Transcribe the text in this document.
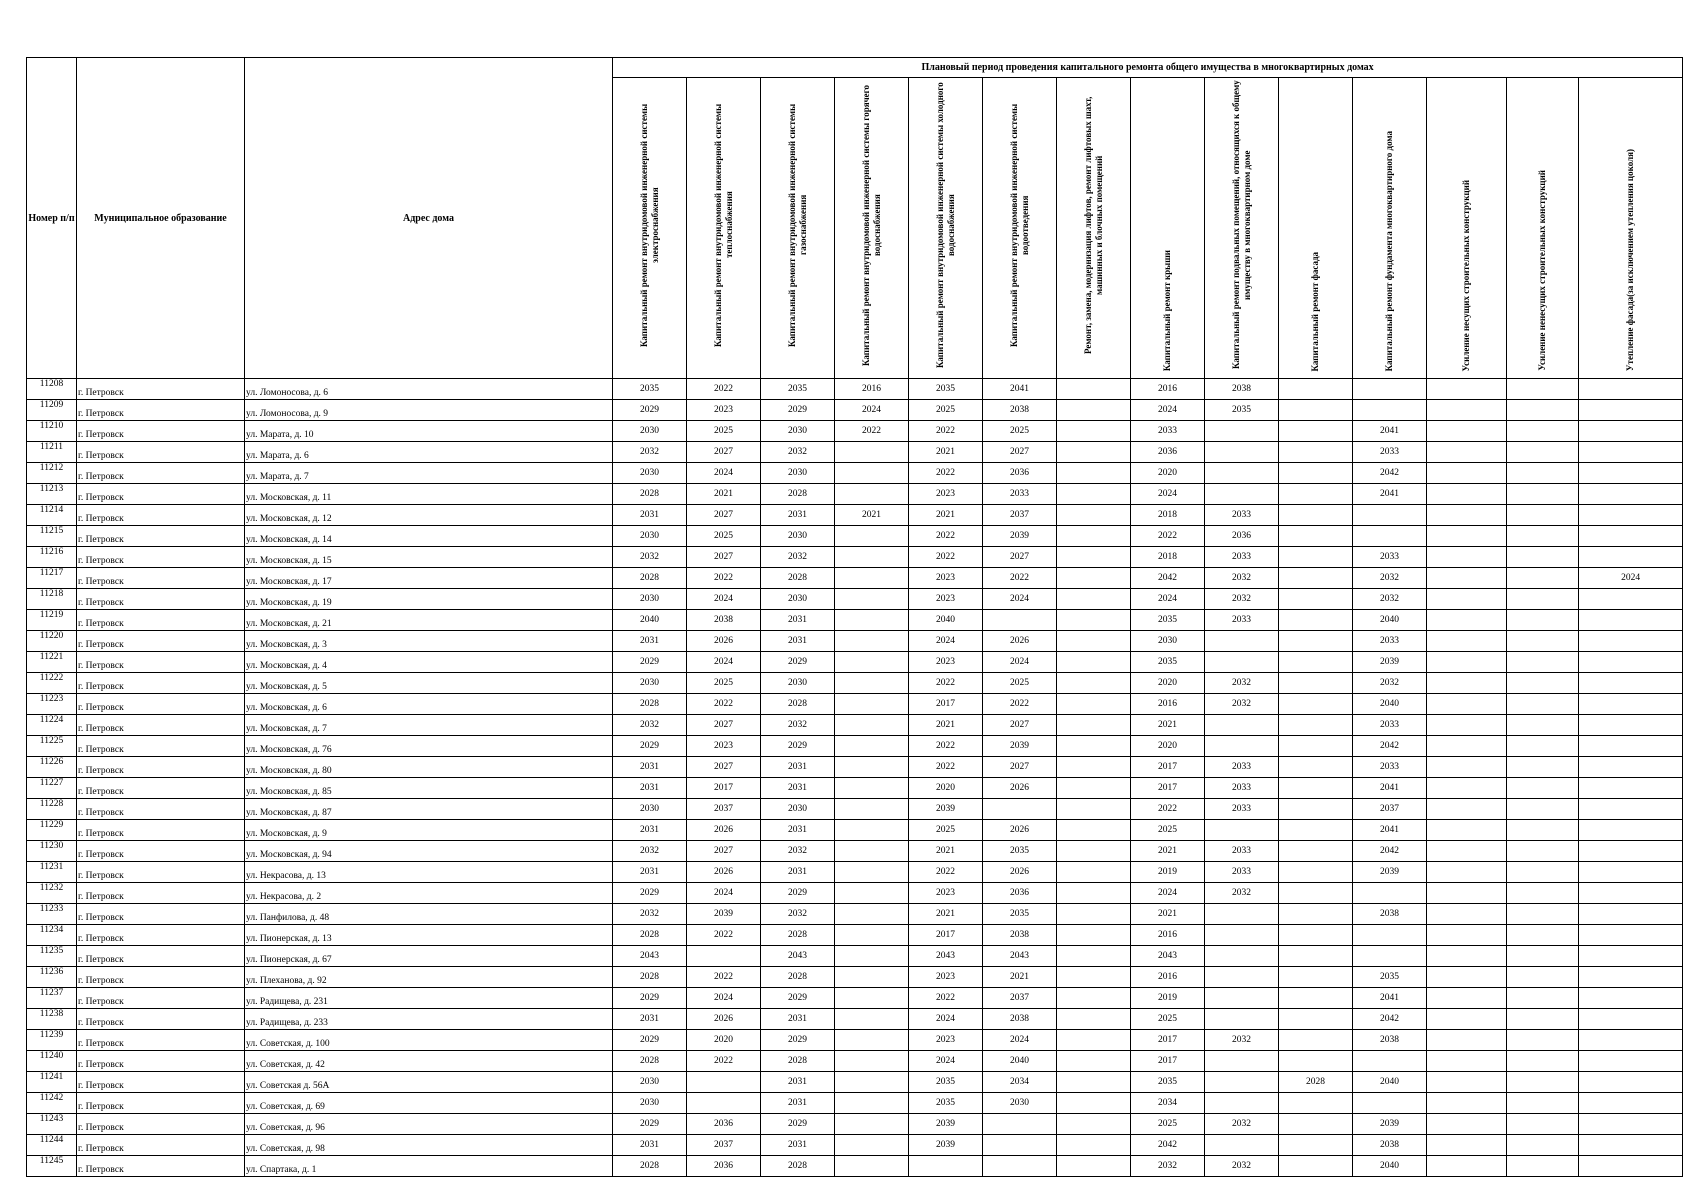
Номер п/п	Муниципальное образование	Адрес дома	Плановый период проведения капитального ремонта общего имущества в многоквартирных домах													
			Капитальный ремонт внутридомовой инженерной системы электроснабжения	Капитальный ремонт внутридомовой инженерной системы теплоснабжения	Капитальный ремонт внутридомовой инженерной системы газоснабжения	Капитальный ремонт внутридомовой инженерной системы горячего водоснабжения	Капитальный ремонт внутридомовой инженерной системы холодного водоснабжения	Капитальный ремонт внутридомовой инженерной системы водоотведения	Ремонт, замена, модернизация лифтов, ремонт лифтовых шахт, машинных и блочных помещений	Капитальный ремонт крыши	Капитальный ремонт подвальных помещений, относящихся к общему имуществу в многоквартирном доме	Капитальный ремонт фасада	Капитальный ремонт фундамента многоквартирного дома	Усиление несущих строительных конструкций	Усиление ненесущих строительных конструкций	Утепление фасада(за исключением утепления цоколя)
11208	г. Петровск	ул. Ломоносова, д. 6	2035	2022	2035	2016	2035	2041		2016	2038					
11209	г. Петровск	ул. Ломоносова, д. 9	2029	2023	2029	2024	2025	2038		2024	2035					
11210	г. Петровск	ул. Марата, д. 10	2030	2025	2030	2022	2022	2025		2033			2041			
11211	г. Петровск	ул. Марата, д. 6	2032	2027	2032		2021	2027		2036			2033			
11212	г. Петровск	ул. Марата, д. 7	2030	2024	2030		2022	2036		2020			2042			
11213	г. Петровск	ул. Московская, д. 11	2028	2021	2028		2023	2033		2024			2041			
11214	г. Петровск	ул. Московская, д. 12	2031	2027	2031	2021	2021	2037		2018	2033					
11215	г. Петровск	ул. Московская, д. 14	2030	2025	2030		2022	2039		2022	2036					
11216	г. Петровск	ул. Московская, д. 15	2032	2027	2032		2022	2027		2018	2033		2033			
11217	г. Петровск	ул. Московская, д. 17	2028	2022	2028		2023	2022		2042	2032		2032			2024
11218	г. Петровск	ул. Московская, д. 19	2030	2024	2030		2023	2024		2024	2032		2032			
11219	г. Петровск	ул. Московская, д. 21	2040	2038	2031		2040			2035	2033		2040			
11220	г. Петровск	ул. Московская, д. 3	2031	2026	2031		2024	2026		2030			2033			
11221	г. Петровск	ул. Московская, д. 4	2029	2024	2029		2023	2024		2035			2039			
11222	г. Петровск	ул. Московская, д. 5	2030	2025	2030		2022	2025		2020	2032		2032			
11223	г. Петровск	ул. Московская, д. 6	2028	2022	2028		2017	2022		2016	2032		2040			
11224	г. Петровск	ул. Московская, д. 7	2032	2027	2032		2021	2027		2021			2033			
11225	г. Петровск	ул. Московская, д. 76	2029	2023	2029		2022	2039		2020			2042			
11226	г. Петровск	ул. Московская, д. 80	2031	2027	2031		2022	2027		2017	2033		2033			
11227	г. Петровск	ул. Московская, д. 85	2031	2017	2031		2020	2026		2017	2033		2041			
11228	г. Петровск	ул. Московская, д. 87	2030	2037	2030		2039			2022	2033		2037			
11229	г. Петровск	ул. Московская, д. 9	2031	2026	2031		2025	2026		2025			2041			
11230	г. Петровск	ул. Московская, д. 94	2032	2027	2032		2021	2035		2021	2033		2042			
11231	г. Петровск	ул. Некрасова, д. 13	2031	2026	2031		2022	2026		2019	2033		2039			
11232	г. Петровск	ул. Некрасова, д. 2	2029	2024	2029		2023	2036		2024	2032					
11233	г. Петровск	ул. Панфилова, д. 48	2032	2039	2032		2021	2035		2021			2038			
11234	г. Петровск	ул. Пионерская, д. 13	2028	2022	2028		2017	2038		2016						
11235	г. Петровск	ул. Пионерская, д. 67	2043		2043		2043	2043		2043						
11236	г. Петровск	ул. Плеханова, д. 92	2028	2022	2028		2023	2021		2016			2035			
11237	г. Петровск	ул. Радищева, д. 231	2029	2024	2029		2022	2037		2019			2041			
11238	г. Петровск	ул. Радищева, д. 233	2031	2026	2031		2024	2038		2025			2042			
11239	г. Петровск	ул. Советская, д. 100	2029	2020	2029		2023	2024		2017	2032		2038			
11240	г. Петровск	ул. Советская, д. 42	2028	2022	2028		2024	2040		2017						
11241	г. Петровск	ул. Советская д. 56А	2030		2031		2035	2034		2035		2028	2040			
11242	г. Петровск	ул. Советская, д. 69	2030		2031		2035	2030		2034						
11243	г. Петровск	ул. Советская, д. 96	2029	2036	2029		2039			2025	2032		2039			
11244	г. Петровск	ул. Советская, д. 98	2031	2037	2031		2039			2042			2038			
11245	г. Петровск	ул. Спартака, д. 1	2028	2036	2028					2032	2032		2040			
